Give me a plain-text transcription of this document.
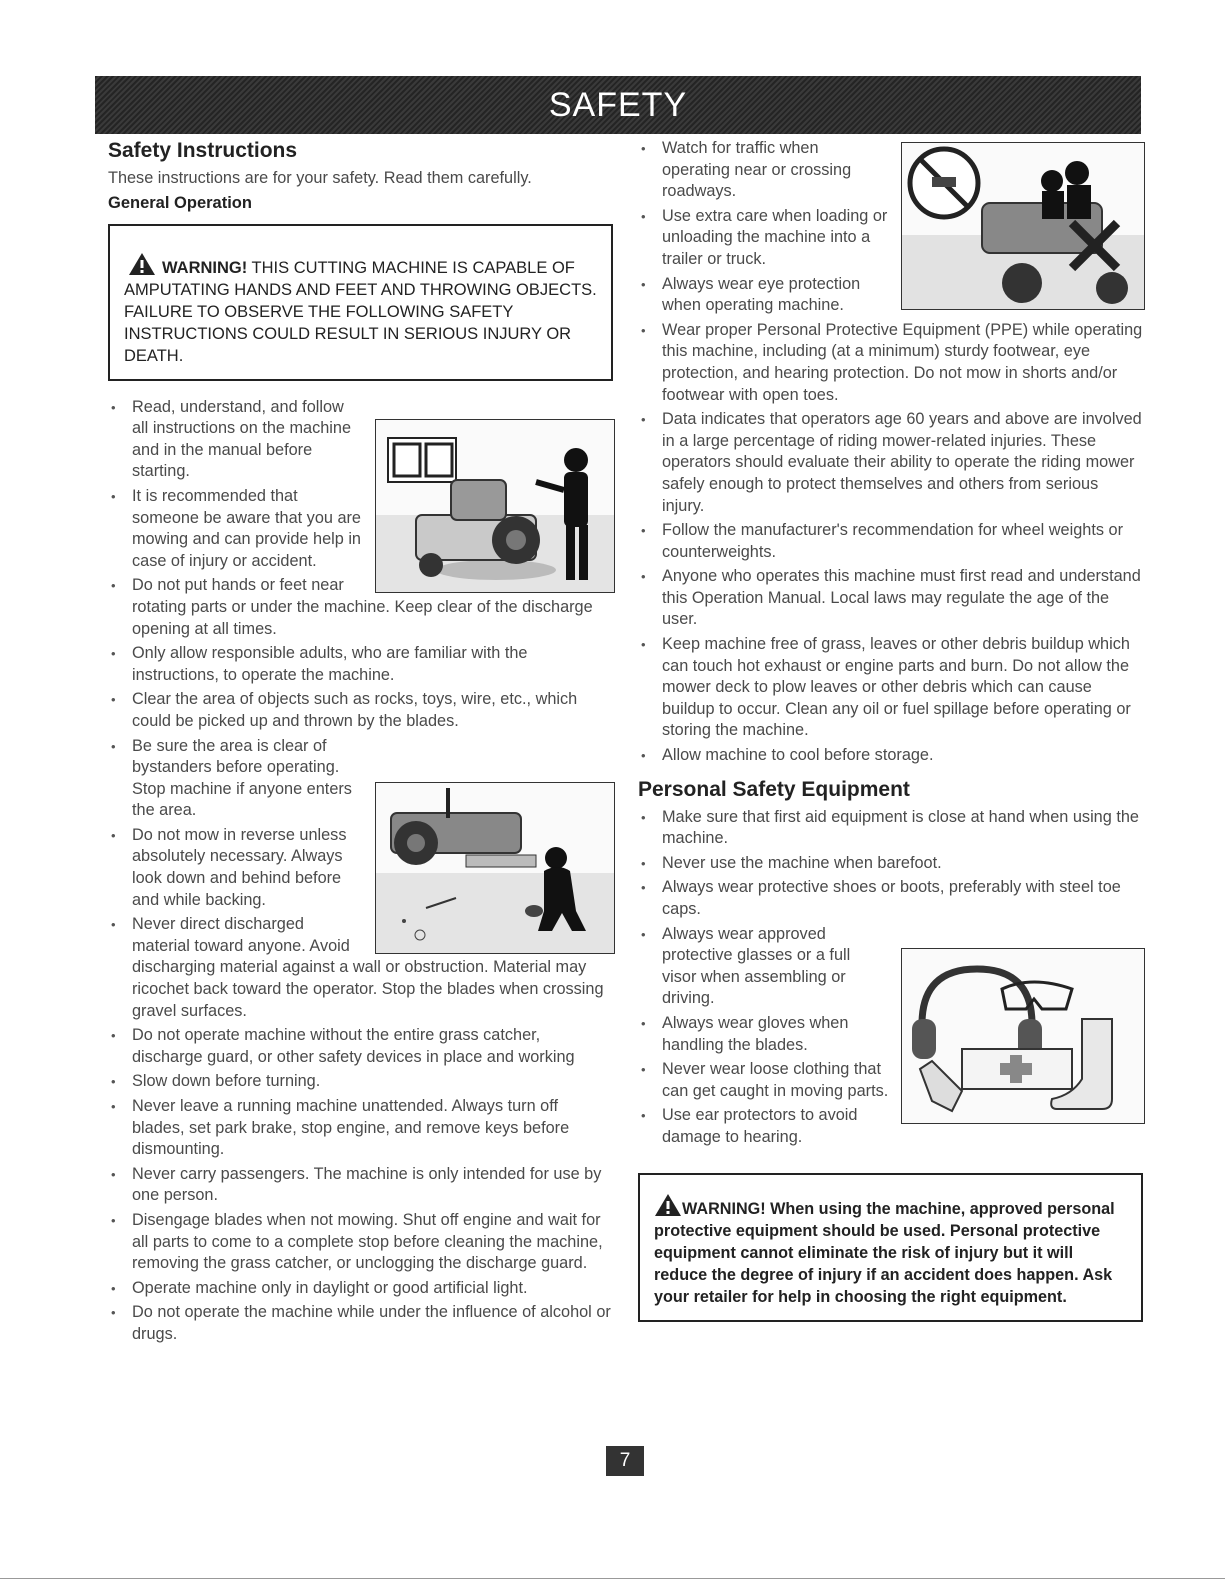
SAFETY
Safety Instructions

These instructions are for your safety. Read them carefully.

General Operation
WARNING! THIS CUTTING MACHINE IS CAPABLE OF AMPUTATING HANDS AND FEET AND THROWING OBJECTS. FAILURE TO OBSERVE THE FOLLOWING SAFETY INSTRUCTIONS COULD RESULT IN SERIOUS INJURY OR DEATH.
• Read, understand, and follow all instructions on the machine and in the manual before starting.
• It is recommended that someone be aware that you are mowing and can provide help in case of injury or accident.
• Do not put hands or feet near rotating parts or under the machine. Keep clear of the discharge opening at all times.
• Only allow responsible adults, who are familiar with the instructions, to operate the machine.
• Clear the area of objects such as rocks, toys, wire, etc., which could be picked up and thrown by the blades.
• Be sure the area is clear of bystanders before operating. Stop machine if anyone enters the area.
• Do not mow in reverse unless absolutely necessary. Always look down and behind before and while backing.
• Never direct discharged material toward anyone. Avoid discharging material against a wall or obstruction. Material may ricochet back toward the operator. Stop the blades when crossing gravel surfaces.
• Do not operate machine without the entire grass catcher, discharge guard, or other safety devices in place and working
• Slow down before turning.
• Never leave a running machine unattended. Always turn off blades, set park brake, stop engine, and remove keys before dismounting.
• Never carry passengers. The machine is only intended for use by one person.
• Disengage blades when not mowing. Shut off engine and wait for all parts to come to a complete stop before cleaning the machine, removing the grass catcher, or unclogging the discharge guard.
• Operate machine only in daylight or good artificial light.
• Do not operate the machine while under the influence of alcohol or drugs.
• Watch for traffic when operating near or crossing roadways.
• Use extra care when loading or unloading the machine into a trailer or truck.
• Always wear eye protection when operating machine.
• Wear proper Personal Protective Equipment (PPE) while operating this machine, including (at a minimum) sturdy footwear, eye protection, and hearing protection. Do not mow in shorts and/or footwear with open toes.
• Data indicates that operators age 60 years and above are involved in a large percentage of riding mower-related injuries. These operators should evaluate their ability to operate the riding mower safely enough to protect themselves and others from serious injury.
• Follow the manufacturer's recommendation for wheel weights or counterweights.
• Anyone who operates this machine must first read and understand this Operation Manual. Local laws may regulate the age of the user.
• Keep machine free of grass, leaves or other debris buildup which can touch hot exhaust or engine parts and burn. Do not allow the mower deck to plow leaves or other debris which can cause buildup to occur. Clean any oil or fuel spillage before operating or storing the machine.
• Allow machine to cool before storage.
Personal Safety Equipment
• Make sure that first aid equipment is close at hand when using the machine.
• Never use the machine when barefoot.
• Always wear protective shoes or boots, preferably with steel toe caps.
• Always wear approved protective glasses or a full visor when assembling or driving.
• Always wear gloves when handling the blades.
• Never wear loose clothing that can get caught in moving parts.
• Use ear protectors to avoid damage to hearing.
WARNING! When using the machine, approved personal protective equipment should be used. Personal protective equipment cannot eliminate the risk of injury but it will reduce the degree of injury if an accident does happen. Ask your retailer for help in choosing the right equipment.
7
